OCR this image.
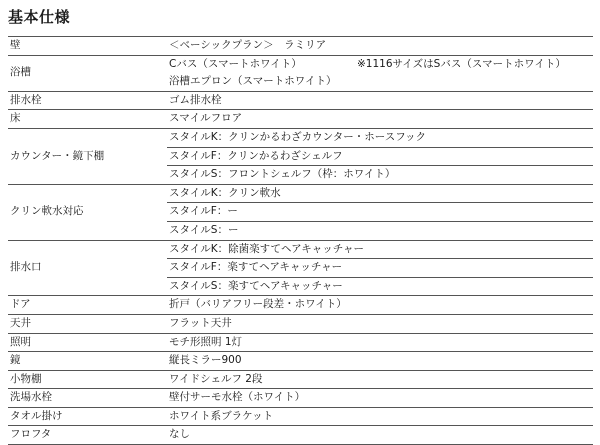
基本仕様
壁	＜ベーシックプラン＞　ラミリア

浴槽	Cバス（スマートホワイト）
浴槽エプロン（スマートホワイト）
※1116サイズはSバス（スマートホワイト）

排水栓	ゴム排水栓

床	スマイルフロア

カウンター・鏡下棚	スタイルK：クリンかるわざカウンター・ホースフック

	スタイルF：クリンかるわざシェルフ

	スタイルS：フロントシェルフ（枠：ホワイト）

クリン軟水対応	スタイルK：クリン軟水

	スタイルF：ー

	スタイルS：ー

排水口	スタイルK：除菌楽すてヘアキャッチャー

	スタイルF：楽すてヘアキャッチャー

	スタイルS：楽すてヘアキャッチャー

ドア	折戸（バリアフリー段差・ホワイト）

天井	フラット天井

照明	モチ形照明 1灯

鏡	縦長ミラー900

小物棚	ワイドシェルフ 2段

洗場水栓	壁付サーモ水栓（ホワイト）

タオル掛け	ホワイト系ブラケット

フロフタ	なし
